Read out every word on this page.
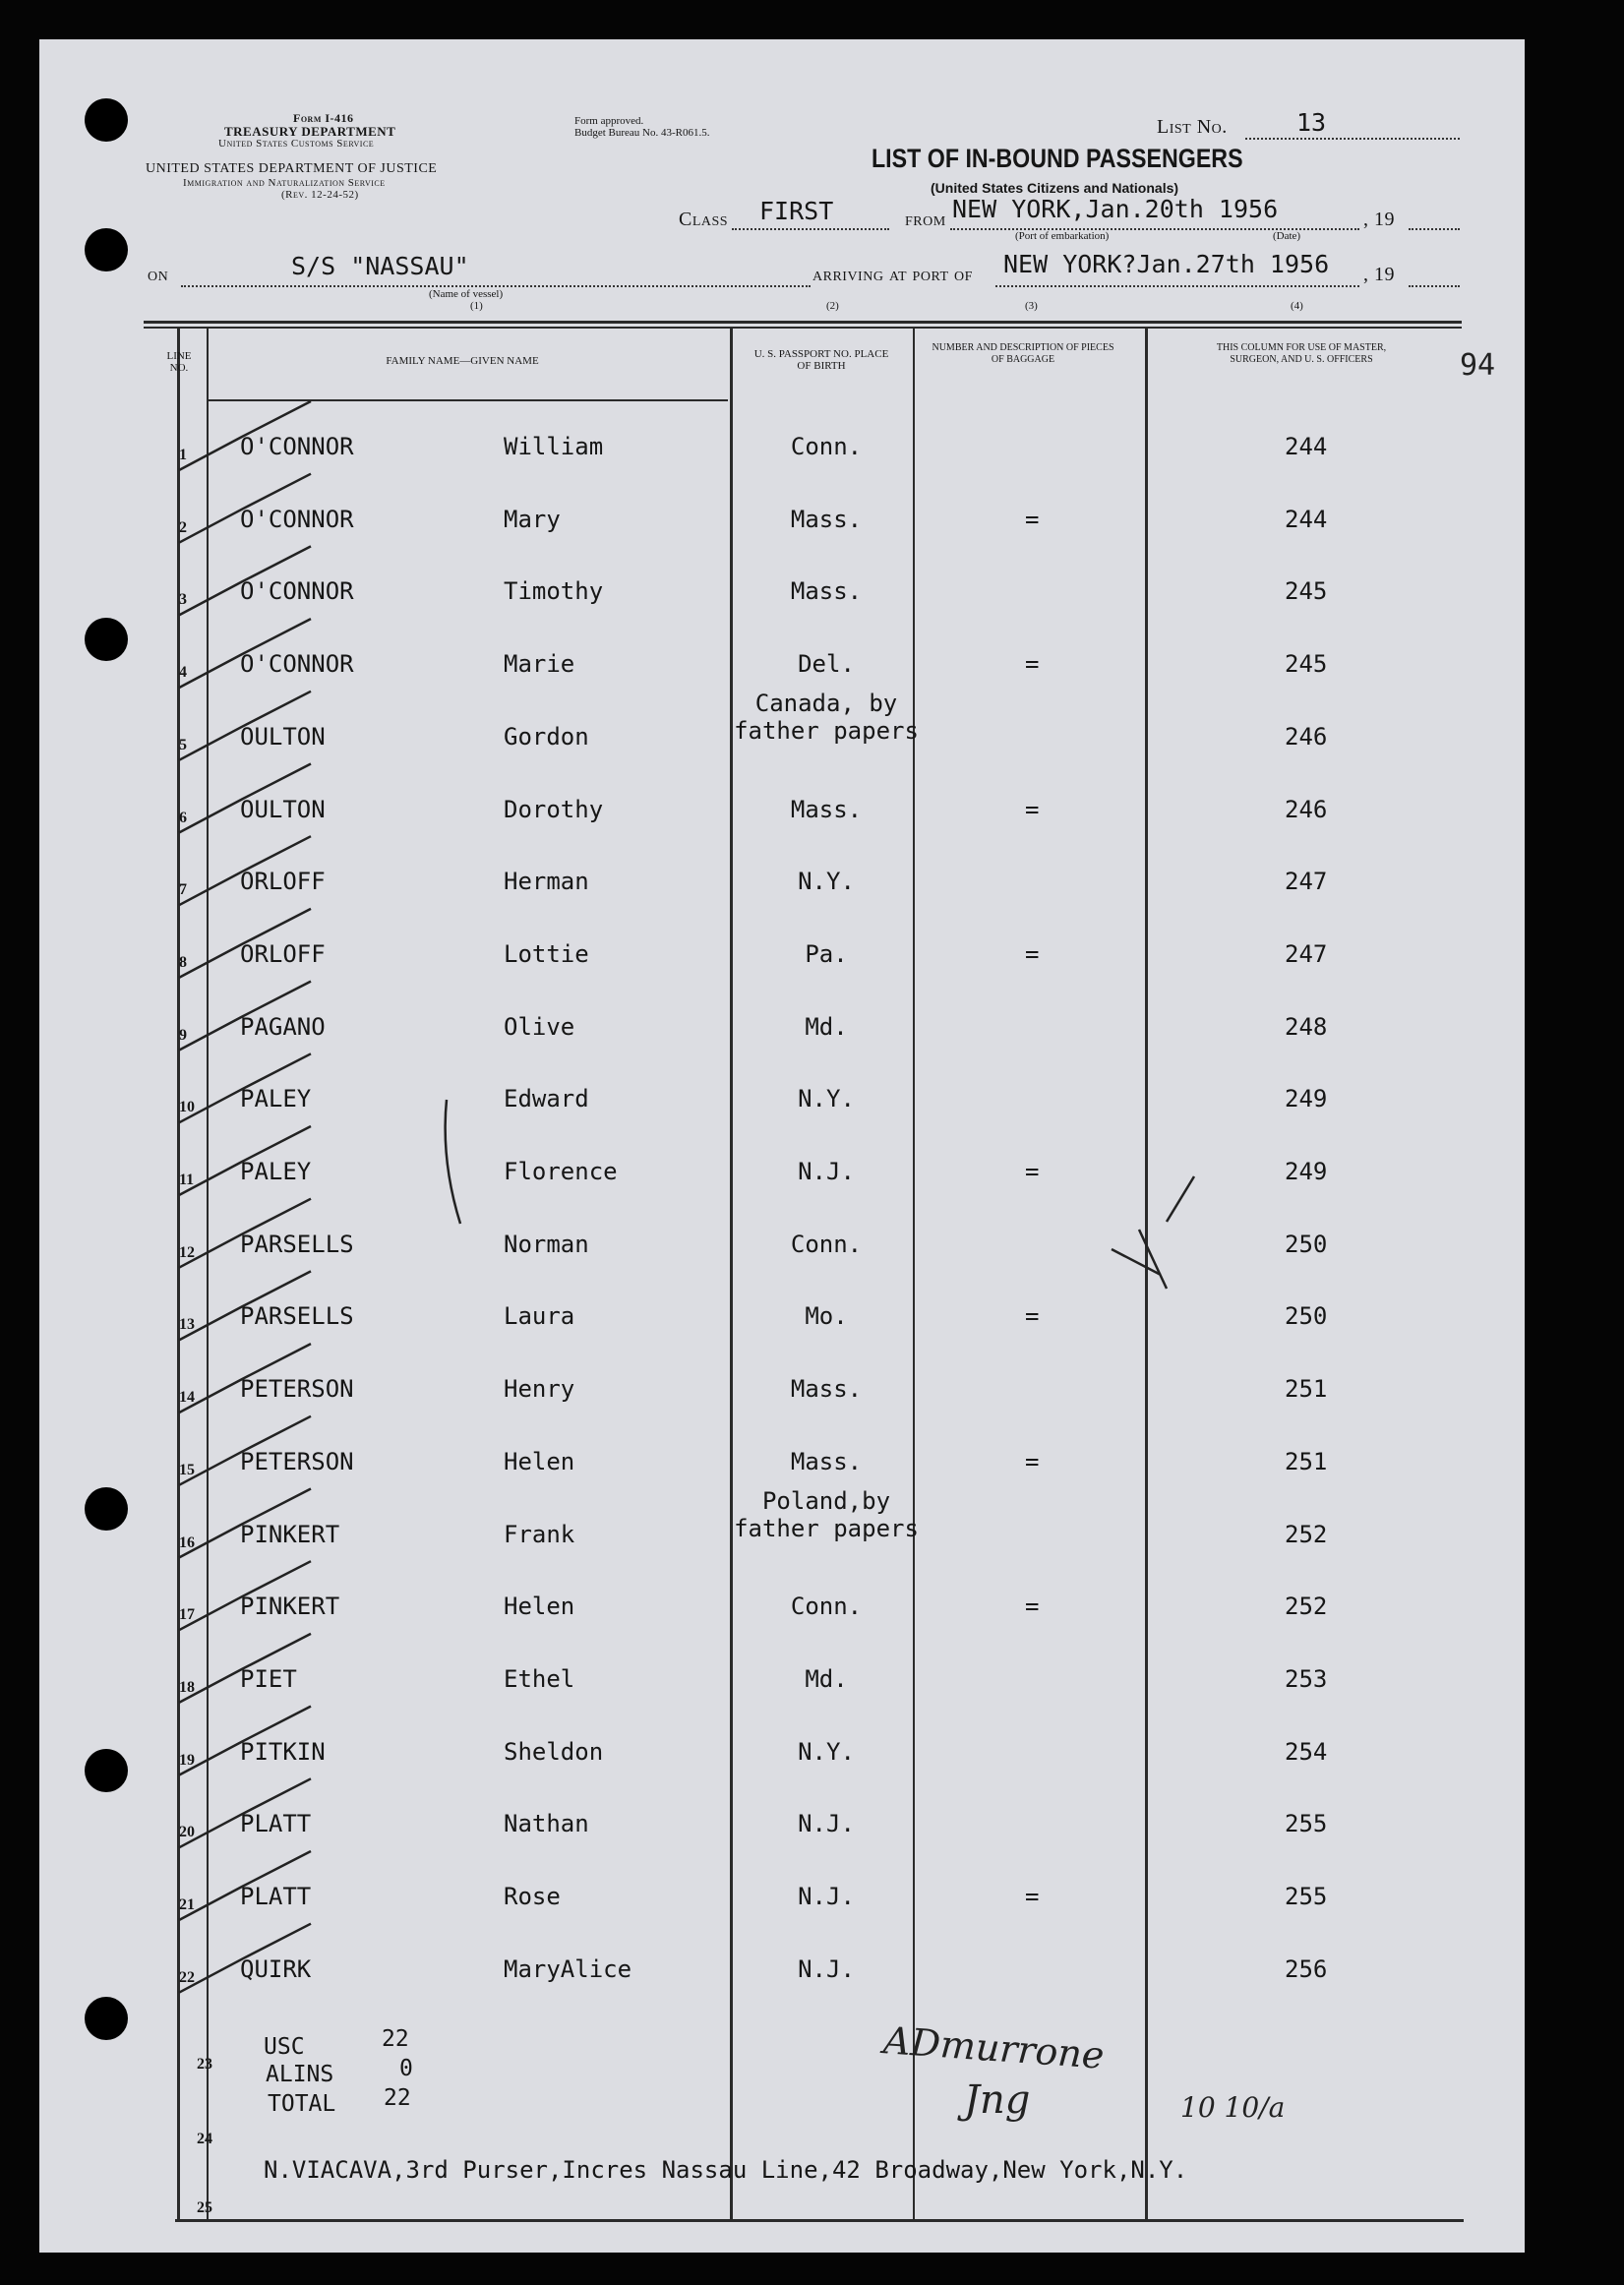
Form I-416
TREASURY DEPARTMENT
United States Customs Service
UNITED STATES DEPARTMENT OF JUSTICE
Immigration and Naturalization Service
(Rev. 12-24-52)
Form approved.
Budget Bureau No. 43-R061.5.	List No.	13
LIST OF IN-BOUND PASSENGERS
(United States Citizens and Nationals)
Class FIRST	from NEW YORK,Jan.20th 1956	, 19
(Port of embarkation)	(Date)
on	S/S "NASSAU"
(Name of vessel)
(1)
arriving at port of NEW YORK?Jan.27th 1956 , 19
(2)	(3)	(4)
94
LINE NO.
FAMILY NAME—GIVEN NAME
U. S. PASSPORT NO. PLACE OF BIRTH
NUMBER AND DESCRIPTION OF PIECES OF BAGGAGE
THIS COLUMN FOR USE OF MASTER, SURGEON, AND U. S. OFFICERS
1 O'CONNOR	William	Conn.	244
2 O'CONNOR	Mary	Mass.	=	244
3 O'CONNOR	Timothy	Mass.	245
4 O'CONNOR	Marie	Del.	=	245
5 OULTON	Gordon
Canada, by
father papers	246
6 OULTON	Dorothy	Mass.	=	246
7 ORLOFF	Herman	N.Y.	247
8 ORLOFF	Lottie	Pa.	=	247
9 PAGANO	Olive	Md.	248
10 PALEY	Edward	N.Y.	249
11 PALEY	Florence	N.J.	=	249
12 PARSELLS	Norman	Conn.	250
13 PARSELLS	Laura	Mo.	=	250
14 PETERSON	Henry	Mass.	251
15 PETERSON	Helen	Mass.	=	251
16 PINKERT	Frank
Poland,by
father papers	252
17 PINKERT	Helen	Conn.	=	252
18 PIET	Ethel	Md.	253
19 PITKIN	Sheldon	N.Y.	254
20 PLATT	Nathan	N.J.	255
21 PLATT	Rose	N.J.	=	255
22 QUIRK	MaryAlice	N.J.	256
23
24
25
USC	22
ALINS	0
TOTAL 22
N.VIACAVA,3rd Purser,Incres Nassau Line,42 Broadway,New York,N.Y.
ADmurrone
Jng	10 10/a
